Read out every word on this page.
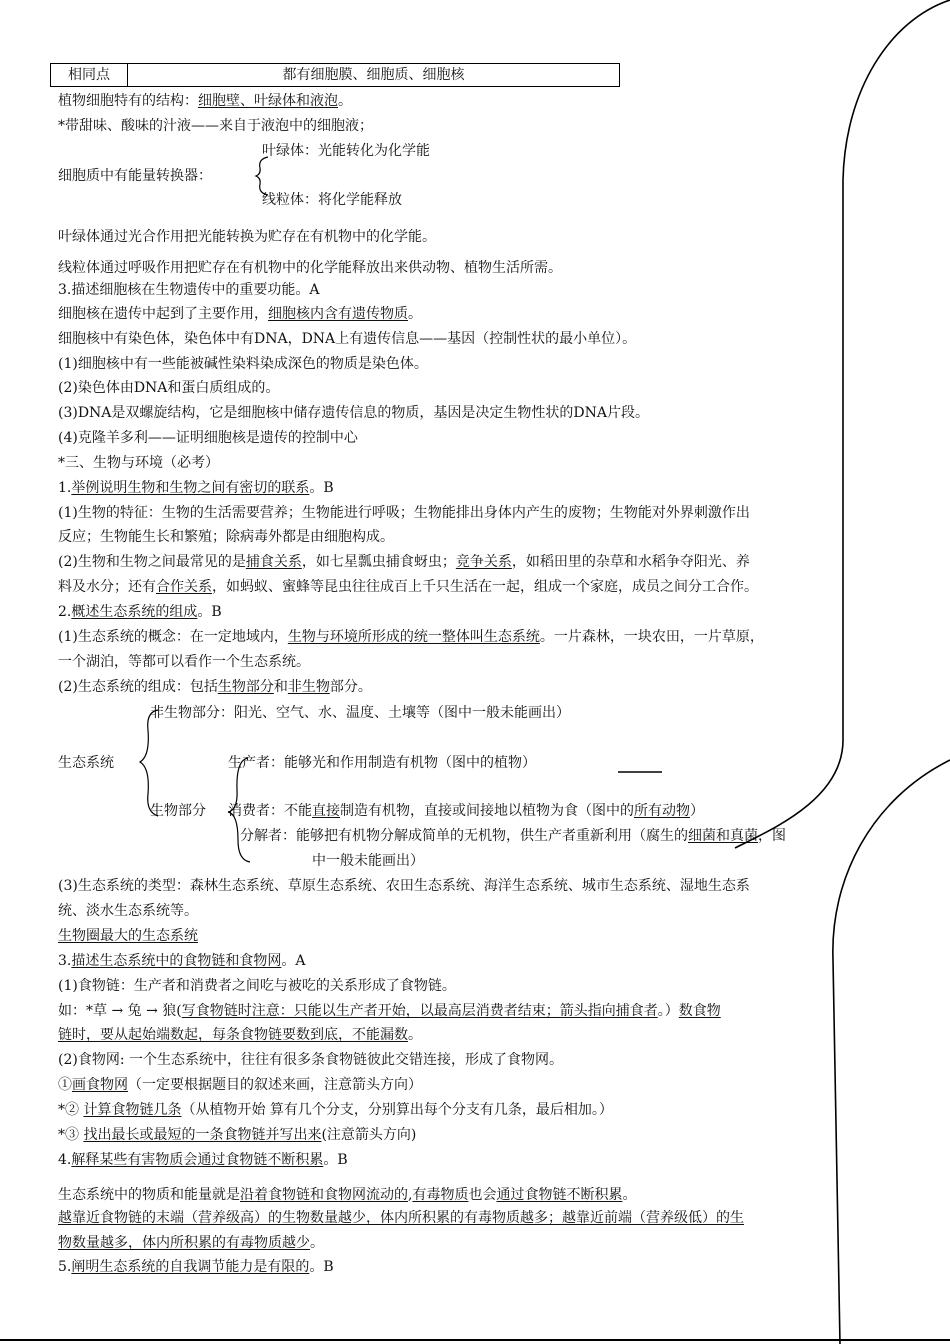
相同点	都有细胞膜、细胞质、细胞核
植物细胞特有的结构：细胞壁、叶绿体和液泡。
*带甜味、酸味的汁液——来自于液泡中的细胞液；
叶绿体：光能转化为化学能
细胞质中有能量转换器：
线粒体：将化学能释放
叶绿体通过光合作用把光能转换为贮存在有机物中的化学能。
线粒体通过呼吸作用把贮存在有机物中的化学能释放出来供动物、植物生活所需。
3.描述细胞核在生物遗传中的重要功能。A
细胞核在遗传中起到了主要作用，细胞核内含有遗传物质。
细胞核中有染色体，染色体中有DNA，DNA上有遗传信息——基因（控制性状的最小单位）。
(1)细胞核中有一些能被碱性染料染成深色的物质是染色体。
(2)染色体由DNA和蛋白质组成的。
(3)DNA是双螺旋结构，它是细胞核中储存遗传信息的物质，基因是决定生物性状的DNA片段。
(4)克隆羊多利——证明细胞核是遗传的控制中心
*三、生物与环境（必考）
1.举例说明生物和生物之间有密切的联系。B
(1)生物的特征：生物的生活需要营养；生物能进行呼吸；生物能排出身体内产生的废物；生物能对外界刺激作出
反应；生物能生长和繁殖；除病毒外都是由细胞构成。
(2)生物和生物之间最常见的是捕食关系，如七星瓢虫捕食蚜虫；竞争关系，如稻田里的杂草和水稻争夺阳光、养
料及水分；还有合作关系，如蚂蚁、蜜蜂等昆虫往往成百上千只生活在一起，组成一个家庭，成员之间分工合作。
2.概述生态系统的组成。B
(1)生态系统的概念：在一定地域内，生物与环境所形成的统一整体叫生态系统。一片森林，一块农田，一片草原，
一个湖泊，等都可以看作一个生态系统。
(2)生态系统的组成：包括生物部分和非生物部分。
非生物部分：阳光、空气、水、温度、土壤等（图中一般未能画出）
生态系统	生产者：能够光和作用制造有机物（图中的植物）
生物部分 消费者：不能直接制造有机物，直接或间接地以植物为食（图中的所有动物）
分解者：能够把有机物分解成简单的无机物，供生产者重新利用（腐生的细菌和真菌，图
中一般未能画出）
(3)生态系统的类型：森林生态系统、草原生态系统、农田生态系统、海洋生态系统、城市生态系统、湿地生态系
统、淡水生态系统等。
生物圈最大的生态系统
3.描述生态系统中的食物链和食物网。A
(1)食物链：生产者和消费者之间吃与被吃的关系形成了食物链。
如：*草 → 兔 → 狼(写食物链时注意：只能以生产者开始，以最高层消费者结束；箭头指向捕食者。）数食物
链时，要从起始端数起，每条食物链要数到底，不能漏数。
(2)食物网: 一个生态系统中，往往有很多条食物链彼此交错连接，形成了食物网。
①画食物网（一定要根据题目的叙述来画，注意箭头方向）
*② 计算食物链几条（从植物开始 算有几个分支，分别算出每个分支有几条，最后相加。）
*③ 找出最长或最短的一条食物链并写出来(注意箭头方向)
4.解释某些有害物质会通过食物链不断积累。B
生态系统中的物质和能量就是沿着食物链和食物网流动的,有毒物质也会通过食物链不断积累。
越靠近食物链的末端（营养级高）的生物数量越少，体内所积累的有毒物质越多；越靠近前端（营养级低）的生
物数量越多，体内所积累的有毒物质越少。
5.阐明生态系统的自我调节能力是有限的。B
